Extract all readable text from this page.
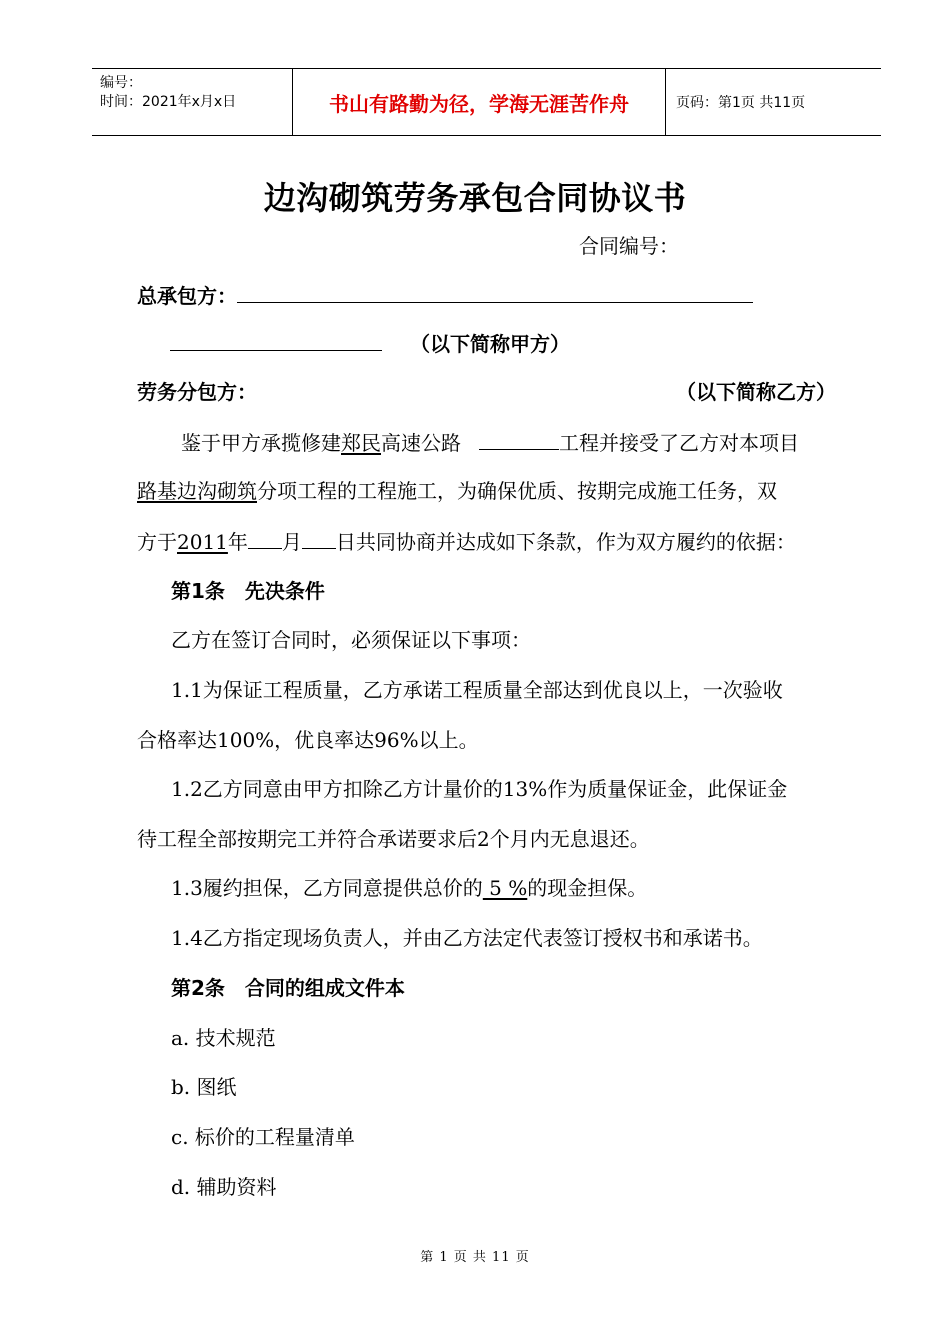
编号：
时间：2021年x月x日	书山有路勤为径，学海无涯苦作舟	页码：第1页 共11页
边沟砌筑劳务承包合同协议书
合同编号：
总承包方：
（以下简称甲方）
劳务分包方：	（以下简称乙方）
鉴于甲方承揽修建郑民高速公路	工程并接受了乙方对本项目
路基边沟砌筑分项工程的工程施工，为确保优质、按期完成施工任务，双
方于2011年 月 日共同协商并达成如下条款，作为双方履约的依据：
第1条　先决条件
乙方在签订合同时，必须保证以下事项：
1.1为保证工程质量，乙方承诺工程质量全部达到优良以上，一次验收
合格率达100%，优良率达96%以上。
1.2乙方同意由甲方扣除乙方计量价的13%作为质量保证金，此保证金
待工程全部按期完工并符合承诺要求后2个月内无息退还。
1.3履约担保，乙方同意提供总价的 5 %的现金担保。
1.4乙方指定现场负责人，并由乙方法定代表签订授权书和承诺书。
第2条　合同的组成文件本
a. 技术规范
b. 图纸
c. 标价的工程量清单
d. 辅助资料
第 1 页 共 11 页
